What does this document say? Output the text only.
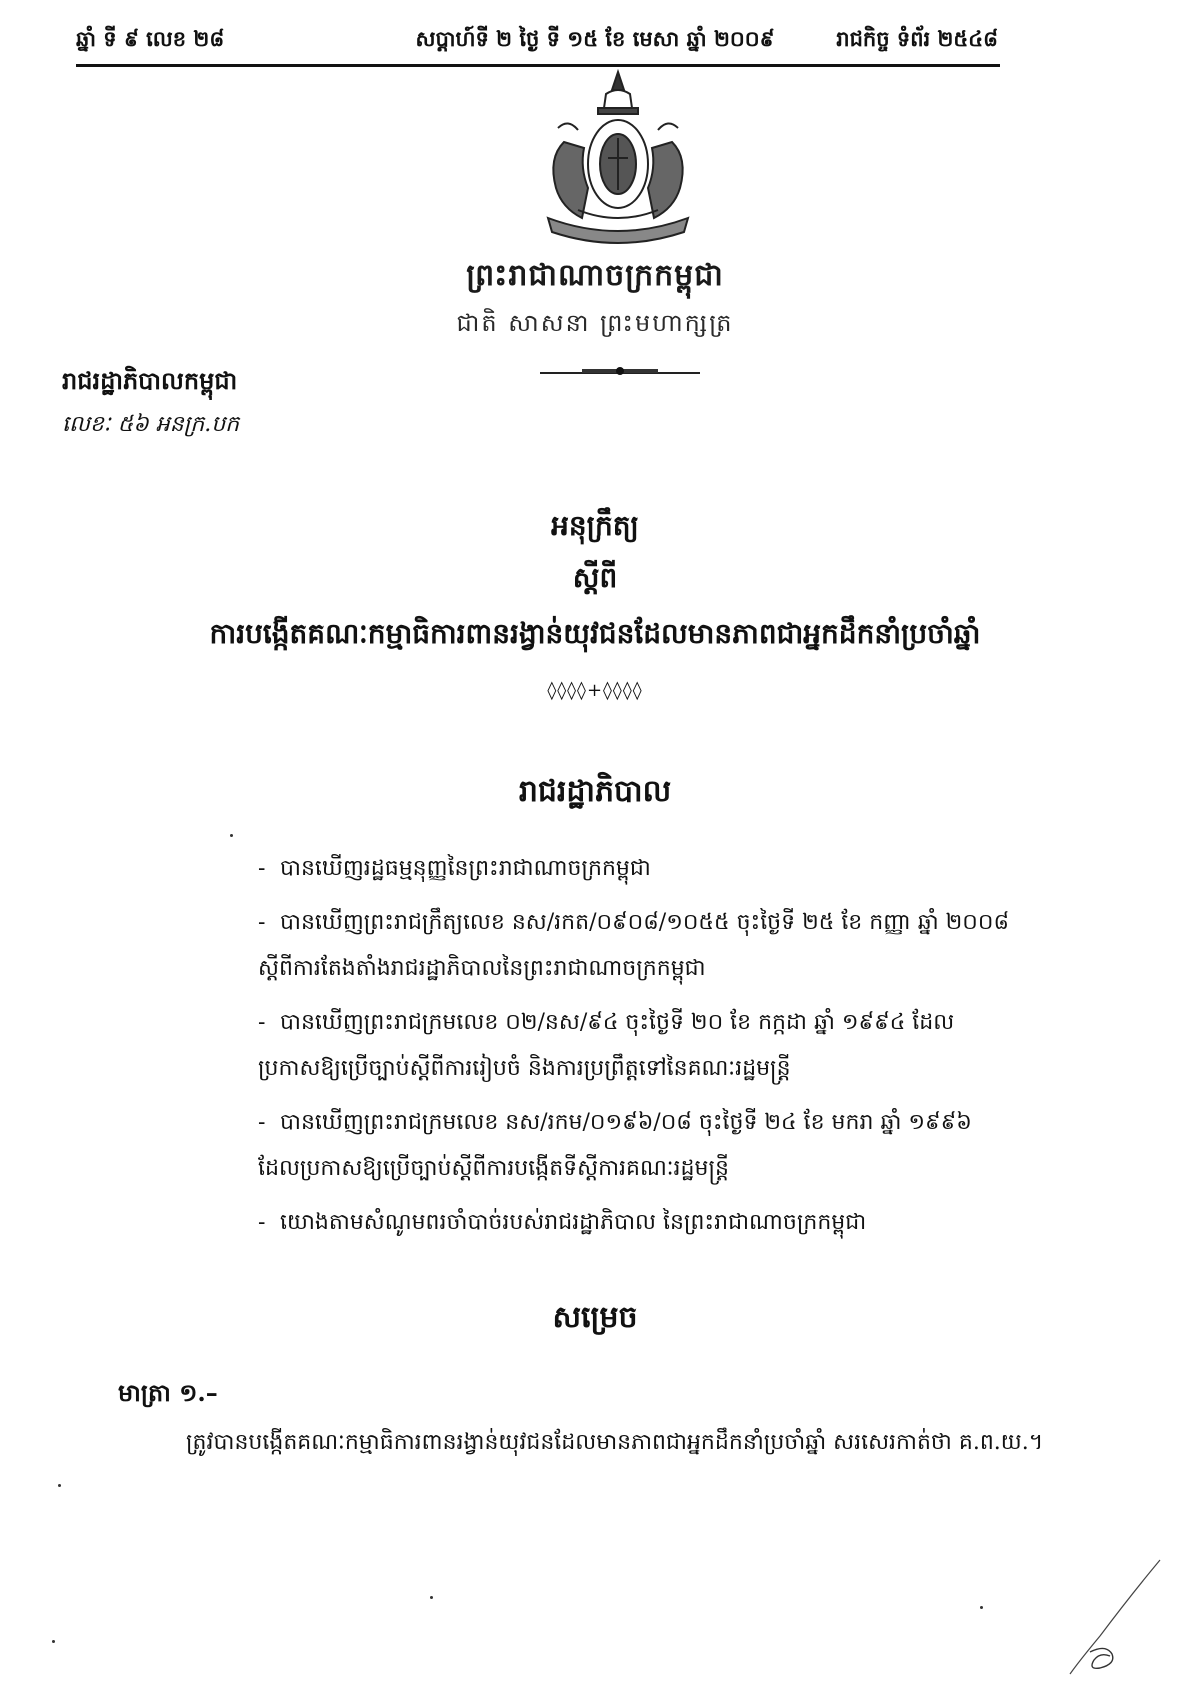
ឆ្នាំ ទី ៩ លេខ ២៨	សប្តាហ៍ទី ២ ថ្ងៃ ទី ១៥ ខែ មេសា ឆ្នាំ ២០០៩	រាជកិច្ច ទំព័រ ២៥៤៨
ព្រះរាជាណាចក្រកម្ពុជា
ជាតិ សាសនា ព្រះមហាក្សត្រ
រាជរដ្ឋាភិបាលកម្ពុជា
លេខៈ ៥៦ អនក្រ.បក
អនុក្រឹត្យ
ស្តីពី
ការបង្កើតគណៈកម្មាធិការពានរង្វាន់យុវជនដែលមានភាពជាអ្នកដឹកនាំប្រចាំឆ្នាំ
◊◊◊◊+◊◊◊◊
រាជរដ្ឋាភិបាល
- បានឃើញរដ្ឋធម្មនុញ្ញនៃព្រះរាជាណាចក្រកម្ពុជា
- បានឃើញព្រះរាជក្រឹត្យលេខ នស/រកត/០៩០៨/១០៥៥ ចុះថ្ងៃទី ២៥ ខែ កញ្ញា ឆ្នាំ ២០០៨ ស្តីពីការតែងតាំងរាជរដ្ឋាភិបាលនៃព្រះរាជាណាចក្រកម្ពុជា
- បានឃើញព្រះរាជក្រមលេខ ០២/នស/៩៤ ចុះថ្ងៃទី ២០ ខែ កក្កដា ឆ្នាំ ១៩៩៤ ដែលប្រកាសឱ្យប្រើច្បាប់ស្តីពីការរៀបចំ និងការប្រព្រឹត្តទៅនៃគណៈរដ្ឋមន្ត្រី
- បានឃើញព្រះរាជក្រមលេខ នស/រកម/០១៩៦/០៨ ចុះថ្ងៃទី ២៤ ខែ មករា ឆ្នាំ ១៩៩៦ ដែលប្រកាសឱ្យប្រើច្បាប់ស្តីពីការបង្កើតទីស្តីការគណៈរដ្ឋមន្ត្រី
- យោងតាមសំណូមពរចាំបាច់របស់រាជរដ្ឋាភិបាល នៃព្រះរាជាណាចក្រកម្ពុជា
សម្រេច
មាត្រា ១.–
ត្រូវបានបង្កើតគណៈកម្មាធិការពានរង្វាន់យុវជនដែលមានភាពជាអ្នកដឹកនាំប្រចាំឆ្នាំ សរសេរកាត់ថា គ.ព.យ.។
